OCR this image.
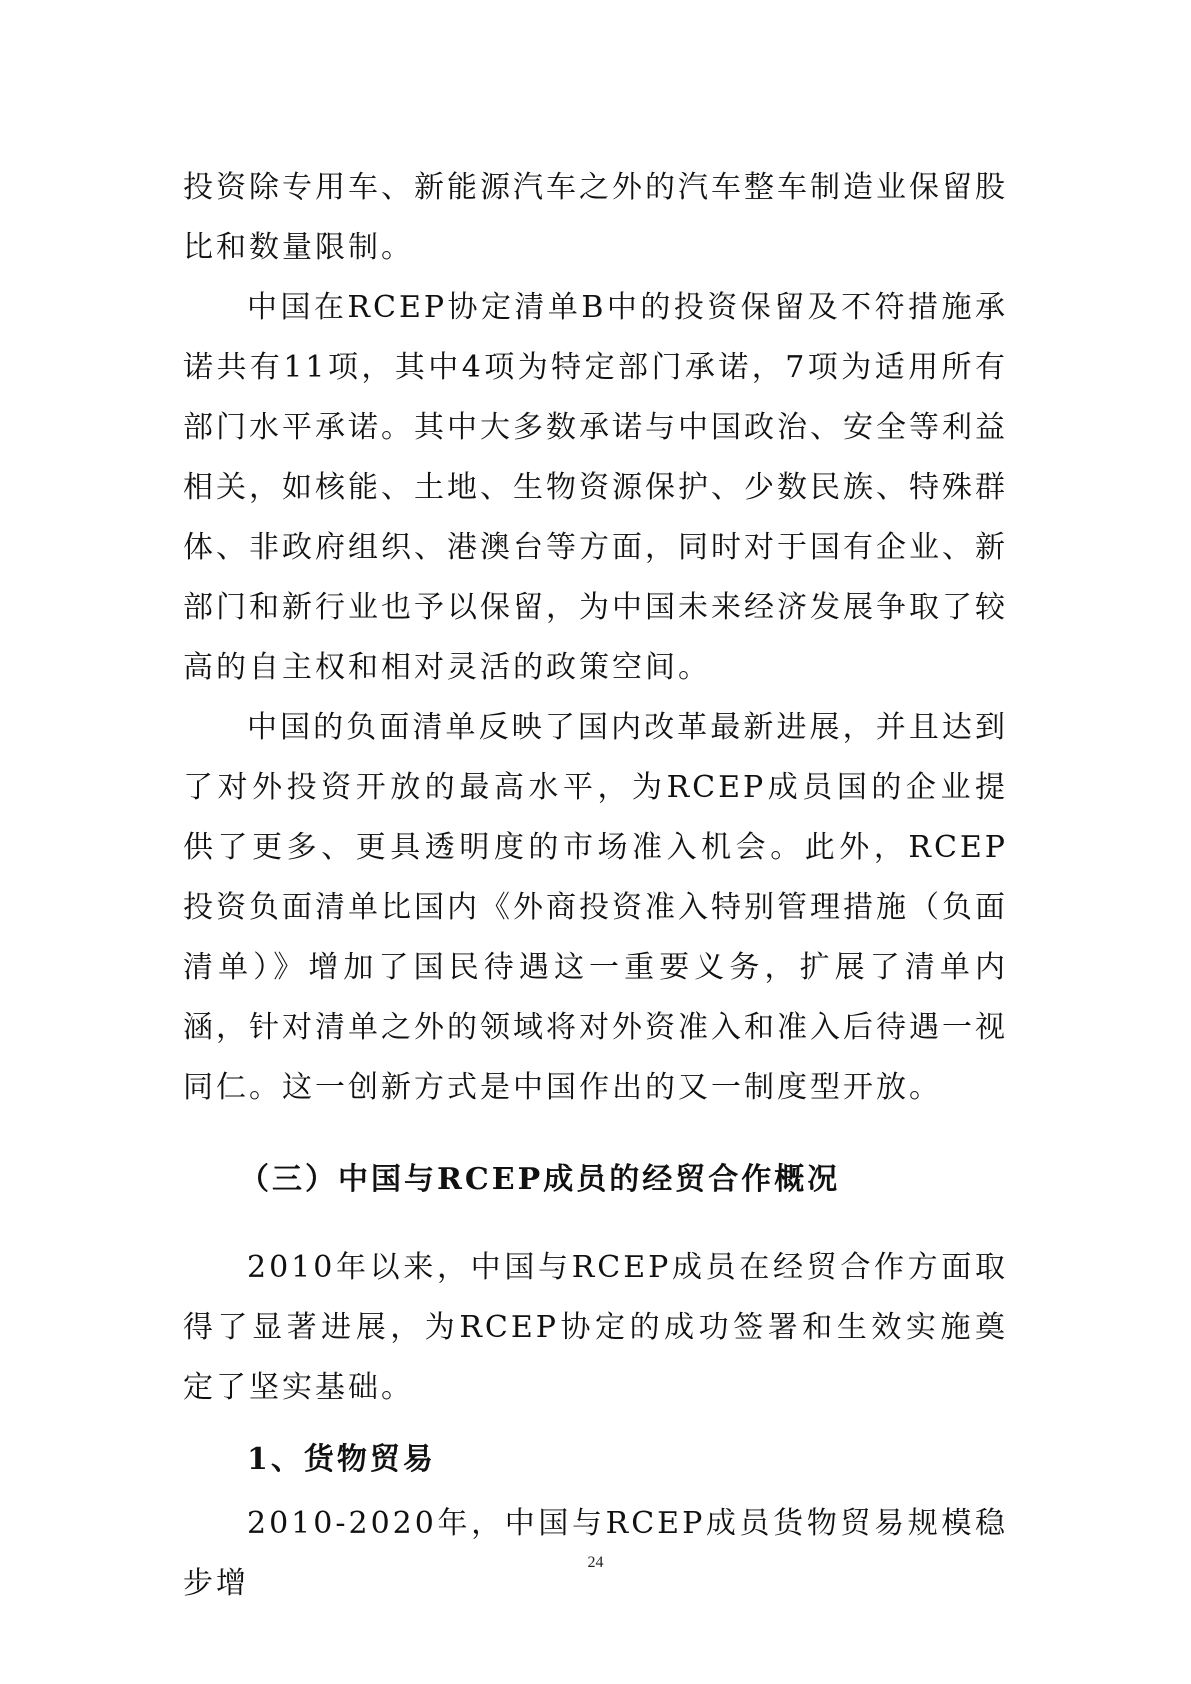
投资除专用车、新能源汽车之外的汽车整车制造业保留股比和数量限制。

中国在RCEP协定清单B中的投资保留及不符措施承诺共有11项，其中4项为特定部门承诺，7项为适用所有部门水平承诺。其中大多数承诺与中国政治、安全等利益相关，如核能、土地、生物资源保护、少数民族、特殊群体、非政府组织、港澳台等方面，同时对于国有企业、新部门和新行业也予以保留，为中国未来经济发展争取了较高的自主权和相对灵活的政策空间。

中国的负面清单反映了国内改革最新进展，并且达到了对外投资开放的最高水平，为RCEP成员国的企业提供了更多、更具透明度的市场准入机会。此外，RCEP投资负面清单比国内《外商投资准入特别管理措施（负面清单）》增加了国民待遇这一重要义务，扩展了清单内涵，针对清单之外的领域将对外资准入和准入后待遇一视同仁。这一创新方式是中国作出的又一制度型开放。

（三）中国与RCEP成员的经贸合作概况

2010年以来，中国与RCEP成员在经贸合作方面取得了显著进展，为RCEP协定的成功签署和生效实施奠定了坚实基础。

1、货物贸易

2010-2020年，中国与RCEP成员货物贸易规模稳步增

24
